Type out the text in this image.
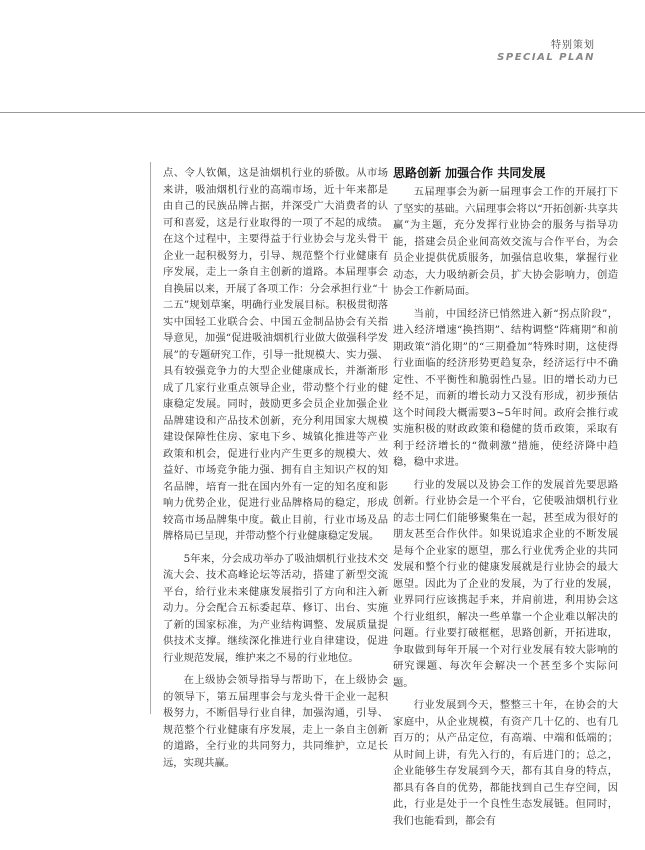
特别策划
SPECIAL PLAN

点、令人钦佩，这是油烟机行业的骄傲。从市场来讲，吸油烟机行业的高端市场，近十年来都是由自己的民族品牌占据，并深受广大消费者的认可和喜爱，这是行业取得的一项了不起的成绩。在这个过程中，主要得益于行业协会与龙头骨干企业一起积极努力，引导、规范整个行业健康有序发展，走上一条自主创新的道路。本届理事会自换届以来，开展了各项工作：分会承担行业“十二五”规划草案，明确行业发展目标。积极贯彻落实中国轻工业联合会、中国五金制品协会有关指导意见，加强“促进吸油烟机行业做大做强科学发展”的专题研究工作，引导一批规模大、实力强、具有较强竞争力的大型企业健康成长，并渐渐形成了几家行业重点领导企业，带动整个行业的健康稳定发展。同时，鼓励更多会员企业加强企业品牌建设和产品技术创新，充分利用国家大规模建设保障性住房、家电下乡、城镇化推进等产业政策和机会，促进行业内产生更多的规模大、效益好、市场竞争能力强、拥有自主知识产权的知名品牌，培育一批在国内外有一定的知名度和影响力优势企业，促进行业品牌格局的稳定，形成较高市场品牌集中度。截止目前，行业市场及品牌格局已呈现，并带动整个行业健康稳定发展。

5年来，分会成功举办了吸油烟机行业技术交流大会、技术高峰论坛等活动，搭建了新型交流平台，给行业未来健康发展指引了方向和注入新动力。分会配合五标委起草、修订、出台、实施了新的国家标准，为产业结构调整、发展质量提供技术支撑。继续深化推进行业自律建设，促进行业规范发展，维护来之不易的行业地位。

在上级协会领导指导与帮助下，在上级协会的领导下，第五届理事会与龙头骨干企业一起积极努力，不断倡导行业自律，加强沟通，引导、规范整个行业健康有序发展，走上一条自主创新的道路，全行业的共同努力，共同维护，立足长远，实现共赢。

思路创新 加强合作 共同发展

五届理事会为新一届理事会工作的开展打下了坚实的基础。六届理事会将以“开拓创新·共享共赢”为主题，充分发挥行业协会的服务与指导功能，搭建会员企业间高效交流与合作平台，为会员企业提供优质服务，加强信息收集，掌握行业动态，大力吸纳新会员，扩大协会影响力，创造协会工作新局面。

当前，中国经济已悄然进入新“拐点阶段”，进入经济增速“换挡期”、结构调整“阵痛期”和前期政策“消化期”的“三期叠加”特殊时期，这使得行业面临的经济形势更趋复杂，经济运行中不确定性、不平衡性和脆弱性凸显。旧的增长动力已经不足，而新的增长动力又没有形成，初步预估这个时间段大概需要3~5年时间。政府会推行或实施积极的财政政策和稳健的货币政策，采取有利于经济增长的“微刺激”措施，使经济降中趋稳，稳中求进。

行业的发展以及协会工作的发展首先要思路创新。行业协会是一个平台，它使吸油烟机行业的志士同仁们能够聚集在一起，甚至成为很好的朋友甚至合作伙伴。如果说追求企业的不断发展是每个企业家的愿望，那么行业优秀企业的共同发展和整个行业的健康发展就是行业协会的最大愿望。因此为了企业的发展，为了行业的发展，业界同行应该携起手来，并肩前进，利用协会这个行业组织，解决一些单靠一个企业难以解决的问题。行业要打破框框，思路创新，开拓进取，争取做到每年开展一个对行业发展有较大影响的研究课题、每次年会解决一个甚至多个实际问题。

行业发展到今天，整整三十年，在协会的大家庭中，从企业规模，有资产几十亿的、也有几百万的；从产品定位，有高端、中端和低端的；从时间上讲，有先入行的，有后进门的；总之，企业能够生存发展到今天，都有其自身的特点，都具有各自的优势，都能找到自己生存空间，因此，行业是处于一个良性生态发展链。但同时，我们也能看到，都会有
